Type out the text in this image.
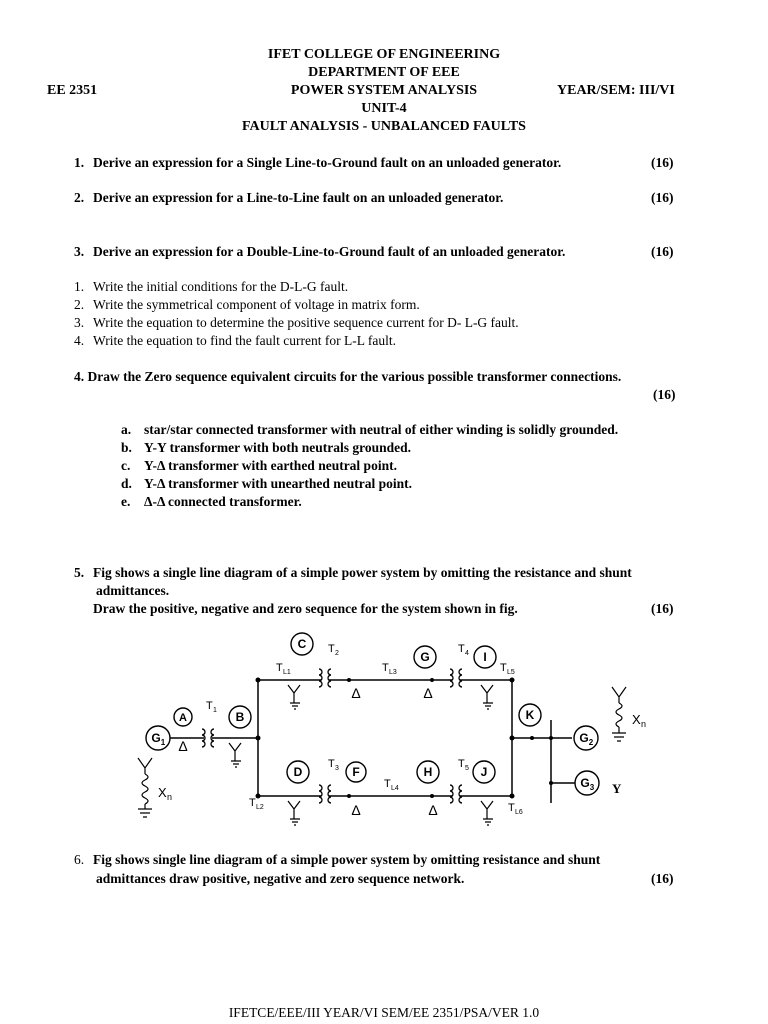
IFET COLLEGE OF ENGINEERING
DEPARTMENT OF EEE
EE 2351	POWER SYSTEM ANALYSIS	YEAR/SEM: III/VI
UNIT-4
FAULT ANALYSIS - UNBALANCED FAULTS
1. Derive an expression for a Single Line-to-Ground fault on an unloaded generator.	(16)
2. Derive an expression for a Line-to-Line fault on an unloaded generator.	(16)
3. Derive an expression for a Double-Line-to-Ground fault of an unloaded generator.	(16)
1. Write the initial conditions for the D-L-G fault.
2. Write the symmetrical component of voltage in matrix form.
3. Write the equation to determine the positive sequence current for D- L-G fault.
4. Write the equation to find the fault current for L-L fault.
4. Draw the Zero sequence equivalent circuits for the various possible transformer connections.
(16)
a. star/star connected transformer with neutral of either winding is solidly grounded.
b. Y-Y transformer with both neutrals grounded.
c. Y-Δ transformer with earthed neutral point.
d. Y-Δ transformer with unearthed neutral point.
e. Δ-Δ connected transformer.
5. Fig shows a single line diagram of a simple power system by omitting the resistance and shunt
admittances.
Draw the positive, negative and zero sequence for the system shown in fig.	(16)
G 1	G 2
G 3
A	B
C
D	F
G
H
I
J
K
T 1
T 2	T 4
T 3	T 5
T L1	T L3	T L5
T L2
T L4
T L6
Δ
Δ	Δ
Δ	Δ
X n
X n
Y
6. Fig shows single line diagram of a simple power system by omitting resistance and shunt
admittances draw positive, negative and zero sequence network.	(16)
IFETCE/EEE/III YEAR/VI SEM/EE 2351/PSA/VER 1.0
